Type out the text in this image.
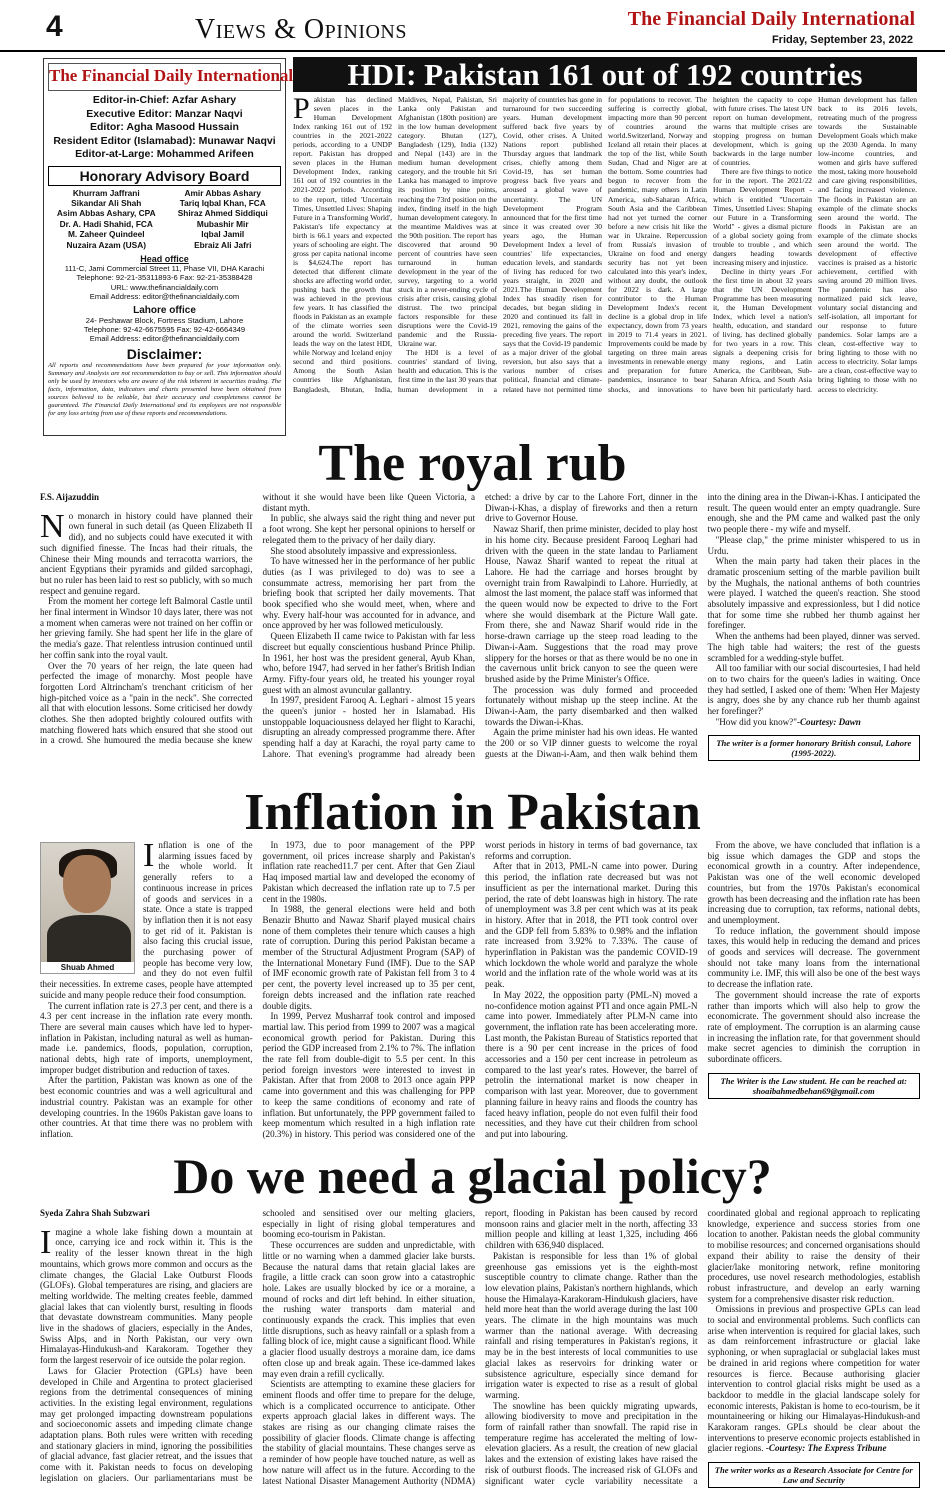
4	Views & Opinions	The Financial Daily International
Friday, September 23, 2022
The Financial Daily International
Editor-in-Chief: Azfar Ashary
Executive Editor: Manzar Naqvi
Editor: Agha Masood Hussain
Resident Editor (Islamabad): Munawar Naqvi
Editor-at-Large: Mohammed Arifeen
Honorary Advisory Board
Khurram Jaffrani
Sikandar Ali Shah
Asim Abbas Ashary, CPA
Dr. A. Hadi Shahid, FCA
M. Zaheer Quindeel
Nuzaira Azam (USA)
Amir Abbas Ashary
Tariq Iqbal Khan, FCA
Shiraz Ahmed Siddiqui
Mubashir Mir
Iqbal Jamil
Ebraiz Ali Jafri
Head office
111-C, Jami Commercial Street 11, Phase VII, DHA Karachi
Telephone: 92-21-35311893-6 Fax: 92-21-35388428
URL: www.thefinancialdaily.com
Email Address: editor@thefinancialdaily.com
Lahore office
24- Peshawar Block, Fortress Stadium, Lahore
Telephone: 92-42-6675595 Fax: 92-42-6664349
Email Address: editor@thefinancialdaily.com
Disclaimer:
All reports and recommendations have been prepared for your information only. Summary and Analysis are not recommendation to buy or sell. This information should only be used by investors who are aware of the risk inherent in securities trading. The facts, information, data, indicators and charts presented have been obtained from sources believed to be reliable, but their accuracy and completeness cannot be guaranteed. The Financial Daily International and its employees are not responsible for any loss arising from use of these reports and recommendations.
HDI: Pakistan 161 out of 192 countries

Pakistan has declined seven places in the Human Development Index ranking 161 out of 192 countries in the 2021-2022 periods, according to a UNDP report. Pakistan has dropped seven places in the Human Development Index, ranking 161 out of 192 countries in the 2021-2022 periods. According to the report, titled 'Uncertain Times, Unsettled Lives: Shaping Future in a Transforming World', Pakistan's life expectancy at birth is 66.1 years and expected years of schooling are eight. The gross per capita national income is $4,624.The report has detected that different climate shocks are affecting world order, pushing back the growth that was achieved in the previous few years. It has classified the floods in Pakistan as an example of the climate worries seen around the world. Switzerland leads the way on the latest HDI, while Norway and Iceland enjoy second and third positions. Among the South Asian countries like Afghanistan, Bangladesh, Bhutan, India, Maldives, Nepal, Pakistan, Sri Lanka only Pakistan and Afghanistan (180th position) are in the low human development category. Bhutan (127), Bangladesh (129), India (132) and Nepal (143) are in the medium human development category, and the trouble hit Sri Lanka has managed to improve its position by nine points, reaching the 73rd position on the index, finding itself in the high human development category. In the meantime Maldives was at the 90th position. The report has discovered that around 90 percent of countries have seen turnaround in human development in the year of the survey, targeting to a world stuck in a never-ending cycle of crisis after crisis, causing global distrust. The two principal factors responsible for these disruptions were the Covid-19 pandemic and the Russia-Ukraine war.

The HDI is a level of countries' standard of living, health and education. This is the first time in the last 30 years that human development in a majority of countries has gone in turnaround for two succeeding years. Human development suffered back five years by Covid, other crises. A United Nations report published Thursday argues that landmark crises, chiefly among them Covid-19, has set human progress back five years and aroused a global wave of uncertainty. The UN Development Program announced that for the first time since it was created over 30 years ago, the Human Development Index a level of countries' life expectancies, education levels, and standards of living has reduced for two years straight, in 2020 and 2021.The Human Development Index has steadily risen for decades, but began sliding in 2020 and continued its fall in 2021, removing the gains of the preceding five years. The report says that the Covid-19 pandemic as a major driver of the global reversion, but also says that a various number of crises political, financial and climate-related have not permitted time for populations to recover. The suffering is correctly global, impacting more than 90 percent of countries around the world.Switzerland, Norway and Iceland all retain their places at the top of the list, while South Sudan, Chad and Niger are at the bottom. Some countries had begun to recover from the pandemic, many others in Latin America, sub-Saharan Africa, South Asia and the Caribbean had not yet turned the corner before a new crisis hit like the war in Ukraine. Repercussion from Russia's invasion of Ukraine on food and energy security has not yet been calculated into this year's index, without any doubt, the outlook for 2022 is dark. A large contributor to the Human Development Index's recent decline is a global drop in life expectancy, down from 73 years in 2019 to 71.4 years in 2021. Improvements could be made by targeting on three main areas investments in renewable energy and preparation for future pandemics, insurance to bear shocks, and innovations to heighten the capacity to cope with future crises. The latest UN report on human development, warns that multiple crises are stopping progress on human development, which is going backwards in the large number of countries.

There are five things to notice for in the report. The 2021/22 Human Development Report - which is entitled "Uncertain Times, Unsettled Lives: Shaping our Future in a Transforming World" - gives a dismal picture of a global society going from trouble to trouble , and which dangers heading towards increasing misery and injustice.

Decline in thirty years .For the first time in about 32 years that the UN Development Programme has been measuring it, the Human Development Index, which level a nation's health, education, and standard of living, has declined globally for two years in a row. This signals a deepening crisis for many regions, and Latin America, the Caribbean, Sub-Saharan Africa, and South Asia have been hit particularly hard. Human development has fallen back to its 2016 levels, retreating much of the progress towards the Sustainable Development Goals which make up the 2030 Agenda. In many low-income countries, and women and girls have suffered the most, taking more household and care giving responsibilities, and facing increased violence. The floods in Pakistan are an example of the climate shocks seen around the world. The floods in Pakistan are an example of the climate shocks seen around the world. The development of effective vaccines is praised as a historic achievement, certified with saving around 20 million lives. The pandemic has also normalized paid sick leave, voluntary social distancing and self-isolation, all important for our response to future pandemics. Solar lamps are a clean, cost-effective way to bring lighting to those with no access to electricity. Solar lamps are a clean, cost-effective way to bring lighting to those with no access to electricity.

The royal rub
F.S. Aijazuddin

No monarch in history could have planned their own funeral in such detail (as Queen Elizabeth II did), and no subjects could have executed it with such dignified finesse. The Incas had their rituals, the Chinese their Ming mounds and terracotta warriors, the ancient Egyptians their pyramids and gilded sarcophagi, but no ruler has been laid to rest so publicly, with so much respect and genuine regard.

From the moment her cortege left Balmoral Castle until her final interment in Windsor 10 days later, there was not a moment when cameras were not trained on her coffin or her grieving family. She had spent her life in the glare of the media's gaze. That relentless intrusion continued until her coffin sank into the royal vault.

Over the 70 years of her reign, the late queen had perfected the image of monarchy. Most people have forgotten Lord Altrincham's trenchant criticism of her high-pitched voice as a "pain in the neck". She corrected all that with elocution lessons. Some criticised her dowdy clothes. She then adopted brightly coloured outfits with matching flowered hats which ensured that she stood out in a crowd. She humoured the media because she knew without it she would have been like Queen Victoria, a distant myth.

In public, she always said the right thing and never put a foot wrong. She kept her personal opinions to herself or relegated them to the privacy of her daily diary.

She stood absolutely impassive and expressionless.

To have witnessed her in the performance of her public duties (as I was privileged to do) was to see a consummate actress, memorising her part from the briefing book that scripted her daily movements. That book specified who she would meet, when, where and why. Every half-hour was accounted for in advance, and once approved by her was followed meticulously.

Queen Elizabeth II came twice to Pakistan with far less discreet but equally conscientious husband Prince Philip. In 1961, her host was the president general, Ayub Khan, who, before 1947, had served in her father's British Indian Army. Fifty-four years old, he treated his younger royal guest with an almost avuncular gallantry.

In 1997, president Farooq A. Leghari - almost 15 years the queen's junior - hosted her in Islamabad. His unstoppable loquaciousness delayed her flight to Karachi, disrupting an already compressed programme there. After spending half a day at Karachi, the royal party came to Lahore. That evening's programme had already been etched: a drive by car to the Lahore Fort, dinner in the Diwan-i-Khas, a display of fireworks and then a return drive to Governor House.

Nawaz Sharif, then prime minister, decided to play host in his home city. Because president Farooq Leghari had driven with the queen in the state landau to Parliament House, Nawaz Sharif wanted to repeat the ritual at Lahore. He had the carriage and horses brought by overnight train from Rawalpindi to Lahore. Hurriedly, at almost the last moment, the palace staff was informed that the queen would now be expected to drive to the Fort where she would disembark at the Picture Wall gate. From there, she and Nawaz Sharif would ride in the horse-drawn carriage up the steep road leading to the Diwan-i-Aam. Suggestions that the road may prove slippery for the horses or that as there would be no one in the cavernous unlit brick canyon to see the queen were brushed aside by the Prime Minister's Office.

The procession was duly formed and proceeded fortunately without mishap up the steep incline. At the Diwan-i-Aam, the party disembarked and then walked towards the Diwan-i-Khas.

Again the prime minister had his own ideas. He wanted the 200 or so VIP dinner guests to welcome the royal guests at the Diwan-i-Aam, and then walk behind them into the dining area in the Diwan-i-Khas. I anticipated the result. The queen would enter an empty quadrangle. Sure enough, she and the PM came and walked past the only two people there - my wife and myself.

"Please clap," the prime minister whispered to us in Urdu.

When the main party had taken their places in the dramatic proscenium setting of the marble pavilion built by the Mughals, the national anthems of both countries were played. I watched the queen's reaction. She stood absolutely impassive and expressionless, but I did notice that for some time she rubbed her thumb against her forefinger.

When the anthems had been played, dinner was served. The high table had waiters; the rest of the guests scrambled for a wedding-style buffet.

All too familiar with our social discourtesies, I had held on to two chairs for the queen's ladies in waiting. Once they had settled, I asked one of them: 'When Her Majesty is angry, does she by any chance rub her thumb against her forefinger?'

"How did you know?"-Courtesy: Dawn

The writer is a former honorary British consul, Lahore (1995-2022).
Inflation in Pakistan
Shuab Ahmed

Inflation is one of the alarming issues faced by the whole world. It generally refers to a continuous increase in prices of goods and services in a state. Once a state is trapped by inflation then it is not easy to get rid of it. Pakistan is also facing this crucial issue, the purchasing power of people has become very low, and they do not even fulfil their necessities. In extreme cases, people have attempted suicide and many people reduce their food consumption.

The current inflation rate is 27.3 per cent, and there is a 4.3 per cent increase in the inflation rate every month. There are several main causes which have led to hyper-inflation in Pakistan, including natural as well as human-made i.e. pandemics, floods, population, corruption, national debts, high rate of imports, unemployment, improper budget distribution and reduction of taxes.

After the partition, Pakistan was known as one of the best economic countries and was a well agricultural and industrial country. Pakistan was an example for other developing countries. In the 1960s Pakistan gave loans to other countries. At that time there was no problem with inflation.

In 1973, due to poor management of the PPP government, oil prices increase sharply and Pakistan's inflation rate reached11.7 per cent. After that Gen Ziaul Haq imposed martial law and developed the economy of Pakistan which decreased the inflation rate up to 7.5 per cent in the 1980s.

In 1988, the general elections were held and both Benazir Bhutto and Nawaz Sharif played musical chairs none of them completes their tenure which causes a high rate of corruption. During this period Pakistan became a member of the Structural Adjustment Program (SAP) of the International Monetary Fund (IMF). Due to the SAP of IMF economic growth rate of Pakistan fell from 3 to 4 per cent, the poverty level increased up to 35 per cent, foreign debts increased and the inflation rate reached double digits.

In 1999, Pervez Musharraf took control and imposed martial law. This period from 1999 to 2007 was a magical economical growth period for Pakistan. During this period the GDP increased from 2.1% to 7%. The inflation the rate fell from double-digit to 5.5 per cent. In this period foreign investors were interested to invest in Pakistan. After that from 2008 to 2013 once again PPP came into government and this was challenging for PPP to keep the same conditions of economy and rate of inflation. But unfortunately, the PPP government failed to keep momentum which resulted in a high inflation rate (20.3%) in history. This period was considered one of the worst periods in history in terms of bad governance, tax reforms and corruption.

After that in 2013, PML-N came into power. During this period, the inflation rate decreased but was not insufficient as per the international market. During this period, the rate of debt loanswas high in history. The rate of unemployment was 3.8 per cent which was at its peak in history. After that in 2018, the PTI took control over and the GDP fell from 5.83% to 0.98% and the inflation rate increased from 3.92% to 7.33%. The cause of hyperinflation in Pakistan was the pandemic COVID-19 which lockdown the whole world and paralyze the whole world and the inflation rate of the whole world was at its peak.

In May 2022, the opposition party (PML-N) moved a no-confidence motion against PTI and once again PML-N came into power. Immediately after PLM-N came into government, the inflation rate has been accelerating more. Last month, the Pakistan Bureau of Statistics reported that there is a 90 per cent increase in the prices of food accessories and a 150 per cent increase in petroleum as compared to the last year's rates. However, the barrel of petrolin the international market is now cheaper in comparison with last year. Moreover, due to government planning failure in heavy rains and floods the country has faced heavy inflation, people do not even fulfil their food necessities, and they have cut their children from school and put into labouring.

From the above, we have concluded that inflation is a big issue which damages the GDP and stops the economical growth in a country. After independence, Pakistan was one of the well economic developed countries, but from the 1970s Pakistan's economical growth has been decreasing and the inflation rate has been increasing due to corruption, tax reforms, national debts, and unemployment.

To reduce inflation, the government should impose taxes, this would help in reducing the demand and prices of goods and services will decrease. The government should not take many loans from the international community i.e. IMF, this will also be one of the best ways to decrease the inflation rate.

The government should increase the rate of exports rather than imports which will also help to grow the economicrate. The government should also increase the rate of employment. The corruption is an alarming cause in increasing the inflation rate, for that government should make secret agencies to diminish the corruption in subordinate officers.

The Writer is the Law student. He can be reached at: shoaibahmedbehan69@gmail.com
Do we need a glacial policy?
Syeda Zahra Shah Subzwari

Imagine a whole lake fishing down a mountain at once, carrying ice and rock within it. This is the reality of the lesser known threat in the high mountains, which grows more common and occurs as the climate changes, the Glacial Lake Outburst Floods (GLOFs). Global temperatures are rising, and glaciers are melting worldwide. The melting creates feeble, dammed glacial lakes that can violently burst, resulting in floods that devastate downstream communities. Many people live in the shadows of glaciers, especially in the Andes, Swiss Alps, and in North Pakistan, our very own Himalayas-Hindukush-and Karakoram. Together they form the largest reservoir of ice outside the polar region.

Laws for Glacier Protection (GPLs) have been developed in Chile and Argentina to protect glacierised regions from the detrimental consequences of mining activities. In the existing legal environment, regulations may get prolonged impacting downstream populations and socioeconomic assets and impeding climate change adaptation plans. Both rules were written with receding and stationary glaciers in mind, ignoring the possibilities of glacial advance, fast glacier retreat, and the issues that come with it. Pakistan needs to focus on developing legislation on glaciers. Our parliamentarians must be schooled and sensitised over our melting glaciers, especially in light of rising global temperatures and booming eco-tourism in Pakistan.

These occurrences are sudden and unpredictable, with little or no warning when a dammed glacier lake bursts. Because the natural dams that retain glacial lakes are fragile, a little crack can soon grow into a catastrophic hole. Lakes are usually blocked by ice or a moraine, a mound of rocks and dirt left behind. In either situation, the rushing water transports dam material and continuously expands the crack. This implies that even little disruptions, such as heavy rainfall or a splash from a falling block of ice, might cause a significant flood. While a glacier flood usually destroys a moraine dam, ice dams often close up and break again. These ice-dammed lakes may even drain a refill cyclically.

Scientists are attempting to examine these glaciers for eminent floods and offer time to prepare for the deluge, which is a complicated occurrence to anticipate. Other experts approach glacial lakes in different ways. The stakes are rising as our changing climate raises the possibility of glacier floods. Climate change is affecting the stability of glacial mountains. These changes serve as a reminder of how people have touched nature, as well as how nature will affect us in the future. According to the latest National Disaster Management Authority (NDMA) report, flooding in Pakistan has been caused by record monsoon rains and glacier melt in the north, affecting 33 million people and killing at least 1,325, including 466 children with 636,940 displaced.

Pakistan is responsible for less than 1% of global greenhouse gas emissions yet is the eighth-most susceptible country to climate change. Rather than the low elevation plains, Pakistan's northern highlands, which house the Himalaya-Karakoram-Hindukush glaciers, have held more heat than the world average during the last 100 years. The climate in the high mountains was much warmer than the national average. With decreasing rainfall and rising temperatures in Pakistan's regions, it may be in the best interests of local communities to use glacial lakes as reservoirs for drinking water or subsistence agriculture, especially since demand for irrigation water is expected to rise as a result of global warming.

The snowline has been quickly migrating upwards, allowing biodiversity to move and precipitation in the form of rainfall rather than snowfall. The rapid rise in temperature regime has accelerated the melting of low-elevation glaciers. As a result, the creation of new glacial lakes and the extension of existing lakes have raised the risk of outburst floods. The increased risk of GLOFs and significant water cycle variability necessitate a coordinated global and regional approach to replicating knowledge, experience and success stories from one location to another. Pakistan needs the global community to mobilise resources; and concerned organisations should expand their ability to raise the density of their glacier/lake monitoring network, refine monitoring procedures, use novel research methodologies, establish robust infrastructure, and develop an early warning system for a comprehensive disaster risk reduction.

Omissions in previous and prospective GPLs can lead to social and environmental problems. Such conflicts can arise when intervention is required for glacial lakes, such as dam reinforcement infrastructure or glacial lake syphoning, or when supraglacial or subglacial lakes must be drained in arid regions where competition for water resources is fierce. Because authorising glacier intervention to control glacial risks might be used as a backdoor to meddle in the glacial landscape solely for economic interests, Pakistan is home to eco-tourism, be it mountaineering or hiking our Himalayas-Hindukush-and Karakoram ranges. GPLs should be clear about the interventions to preserve economic projects established in glacier regions. -Courtesy: The Express Tribune

The writer works as a Research Associate for Centre for Law and Security
